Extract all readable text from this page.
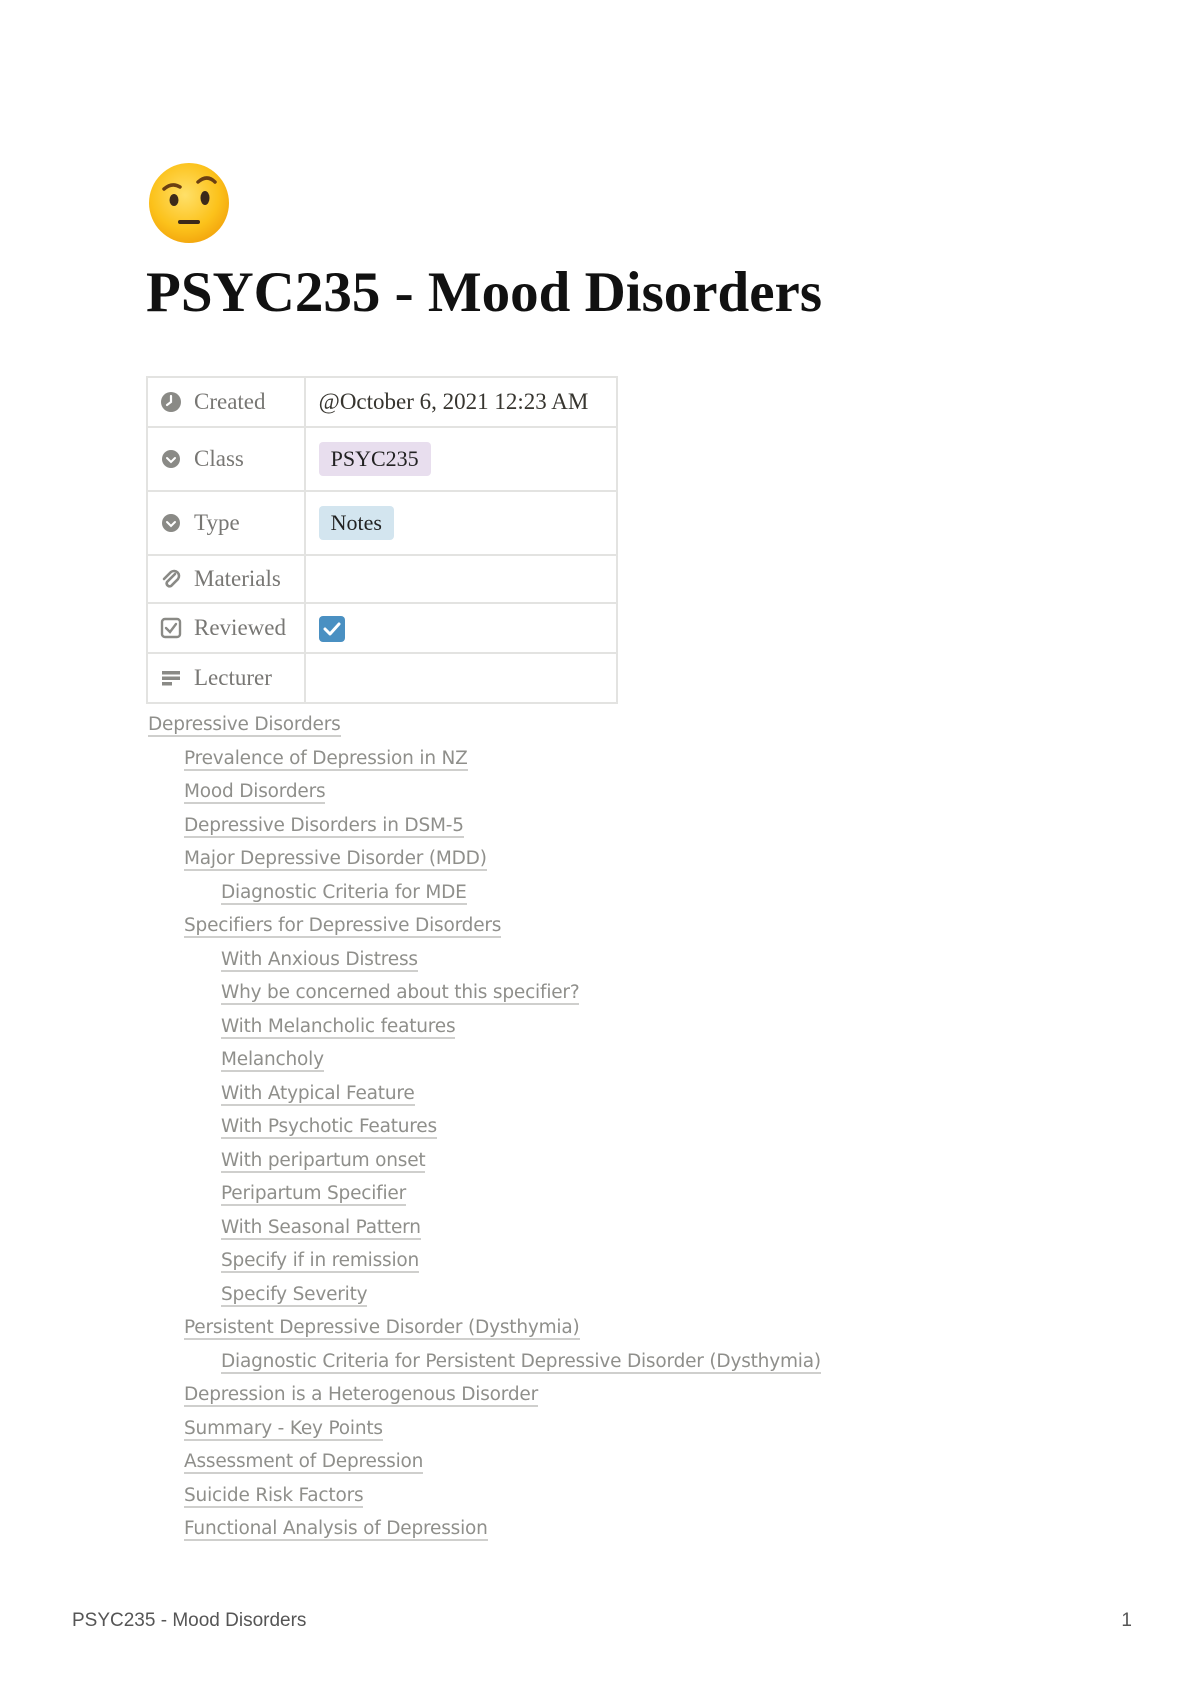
PSYC235 - Mood Disorders
Created	@October 6, 2021 12:23 AM

Class	PSYC235

Type	Notes

Materials	

Reviewed

Lecturer	

Depressive Disorders
Prevalence of Depression in NZ
Mood Disorders
Depressive Disorders in DSM-5
Major Depressive Disorder (MDD)
Diagnostic Criteria for MDE
Specifiers for Depressive Disorders
With Anxious Distress
Why be concerned about this specifier?
With Melancholic features
Melancholy
With Atypical Feature
With Psychotic Features
With peripartum onset
Peripartum Specifier
With Seasonal Pattern
Specify if in remission
Specify Severity
Persistent Depressive Disorder (Dysthymia)
Diagnostic Criteria for Persistent Depressive Disorder (Dysthymia)
Depression is a Heterogenous Disorder
Summary - Key Points
Assessment of Depression
Suicide Risk Factors
Functional Analysis of Depression
PSYC235 - Mood Disorders	1
